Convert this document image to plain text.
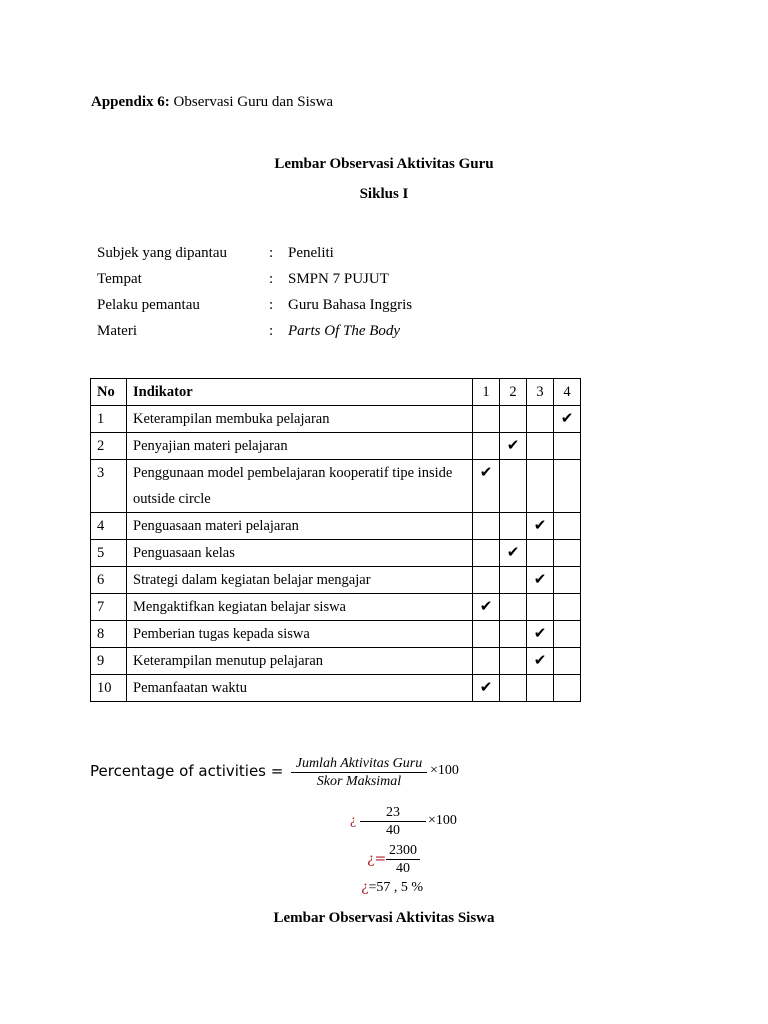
Appendix 6: Observasi Guru dan Siswa
Lembar Observasi Aktivitas Guru
Siklus I
Subjek yang dipantau	: Peneliti
Tempat	: SMPN 7 PUJUT
Pelaku pemantau	: Guru Bahasa Inggris
Materi	: Parts Of The Body
No	Indikator	1	2	3	4
1	Keterampilan membuka pelajaran				✔
2	Penyajian materi pelajaran		✔		
3	Penggunaan model pembelajaran kooperatif tipe inside outside circle	✔			
4	Penguasaan materi pelajaran			✔	
5	Penguasaan kelas		✔		
6	Strategi dalam kegiatan belajar mengajar			✔	
7	Mengaktifkan kegiatan belajar siswa	✔			
8	Pemberian tugas kepada siswa			✔	
9	Keterampilan menutup pelajaran			✔	
10	Pemanfaatan waktu	✔			
Percentage of activities = Jumlah Aktivitas Guru
Skor Maksimal
×100
¿
23
40
×100
¿=
2300
40
¿=57 , 5 %
Lembar Observasi Aktivitas Siswa
